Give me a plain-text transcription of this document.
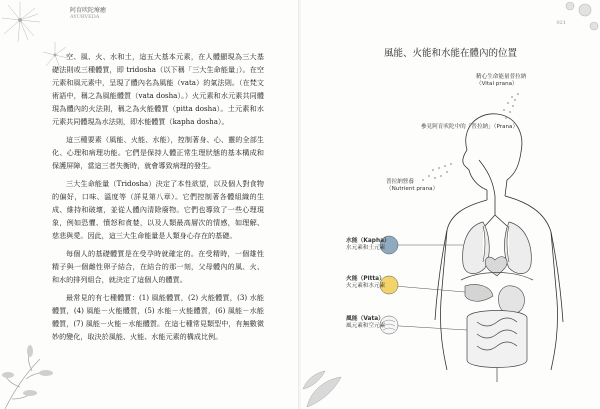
阿育吠陀療癒
AYURVEDA

空、風、火、水和土，這五大基本元素，在人體顯現為三大基礎法則或三種體質，即 tridosha（以下稱「三大生命能量」）。在空元素和風元素中，呈現了體內名為風能（vata）的氣法則。（在梵文術語中，稱之為風能體質（vata dosha）。）火元素和水元素共同體現為體內的火法則，稱之為火能體質（pitta dosha）。土元素和水元素共同體現為水法則，即水能體質（kapha dosha）。

這三種要素（風能、火能、水能），控制著身、心、靈的全部生化、心理和病理功能。它們是保持人體正常生理狀態的基本構成和保護屏障，當這三者失衡時，就會導致病理的發生。

三大生命能量（Tridosha）決定了本性欲望，以及個人對食物的偏好，口味、溫度等（詳見第八章）。它們控制著各體組織的生成、維持和破壞，並從人體內清除廢物。它們也導致了一些心理現象，例如恐懼、憤怒和貪婪，以及人類最高層次的情感，如理解、慈悲與愛。因此，這三大生命能量是人類身心存在的基礎。

每個人的基礎體質是在受孕時就確定的。在受精時，一個雄性精子與一個雌性卵子結合，在結合的那一刻，父母體內的風、火、和水的排列組合，就決定了這個人的體質。

最常見的有七種體質：(1) 風能體質，(2) 火能體質，(3) 水能體質，(4) 風能－火能體質，(5) 水能－火能體質，(6) 風能－水能體質，(7) 風能－火能－水能體質。在這七種常見類型中，有無數微妙的變化，取決於風能、火能、水能元素的構成比例。

021
風能、火能和水能在體內的位置
精心生命能量普拉納
（Vital prana）
參見阿育吠陀中的「普拉納」（Prana）
普拉納營養
（Nutrient prana）
水能（Kapha）
水元素和土元素
火能（Pitta）
火元素和水元素
風能（Vata）
風元素和空元素
